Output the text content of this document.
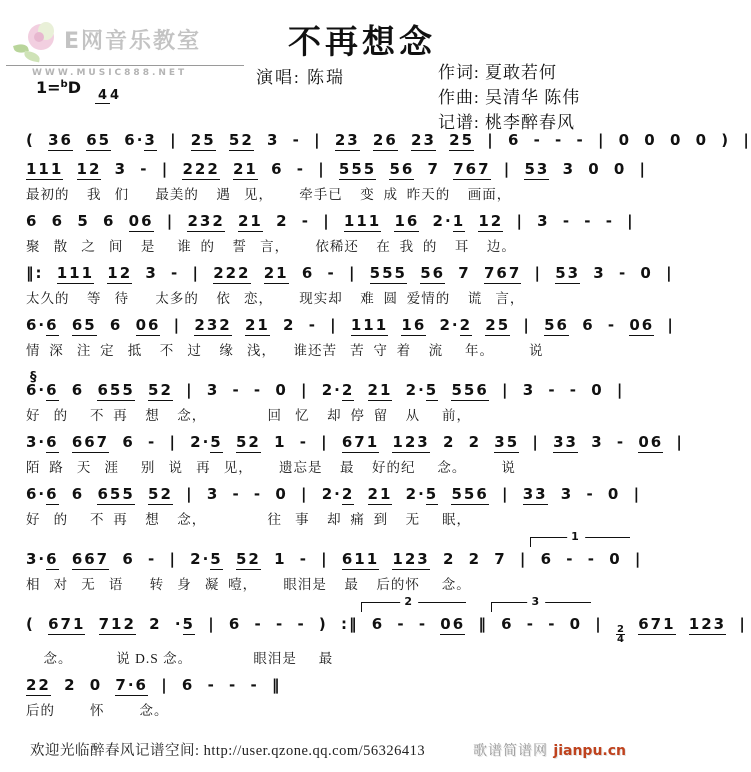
E网音乐教室
WWW.MUSIC888.NET
1=$^b$D 4 4
不再想念
演唱: 陈瑞	作词: 夏敢若何
作曲: 吴清华 陈伟
记谱: 桃李醉春风
( 36 65 6·3 | 25 52 3 - | 23 26 23 25 | 6 - - - | 0 0 0 0 ) |
111 12 3 - | 222 21 6 - | 555 56 7 767 | 53 3 0 0 |
最初的    我   们      最美的    遇   见，      牵手已    变  成  昨天的    画面，
6 6 5 6 06 | 232 21 2 - | 111 16 2·1 12 | 3 - - - |
聚   散   之   间    是     谁  的    誓   言，      依稀还    在  我  的    耳    边。
‖: 111 12 3 - | 222 21 6 - | 555 56 7 767 | 53 3 - 0 |
太久的    等   待      太多的    依   恋，      现实却    难  圆  爱情的    谎   言，
6·6 65 6 06 | 232 21 2 - | 111 16 2·2 25 | 56 6 - 06 |
情  深   注  定   抵    不   过    缘   浅，    谁还苦   苦  守  着    流     年。        说
§
6·6 6 655 52 | 3 - - 0 | 2·2 21 2·5 556 | 3 - - 0 |
好   的     不  再    想    念，              回   忆    却  停  留    从     前，
3·6 667 6 - | 2·5 52 1 - | 671 123 2 2 35 | 33 3 - 06 |
陌  路   天   涯     别   说   再   见，      遗忘是    最    好的纪     念。        说
6·6 6 655 52 | 3 - - 0 | 2·2 21 2·5 556 | 33 3 - 0 |
好   的     不  再    想    念，              往   事    却  痛  到    无     眠，
3·6 667 6 - | 2·5 52 1 - | 611 123 2 2 7 |
1
6 - - 0 |
相   对   无   语      转   身   凝  噎，      眼泪是    最    后的怀     念。
( 671 712 2 ·5 | 6 - - - ) :‖
2
6 - - 06 ‖
3
6 - - 0 |
$\frac{2}{4}$
671 123 |
念。          说 D.S 念。              眼泪是     最
22 2 0 7·6 | 6 - - - ‖
后的        怀        念。
欢迎光临醉春风记谱空间: http://user.qzone.qq.com/56326413	歌谱简谱网 jianpu.cn
